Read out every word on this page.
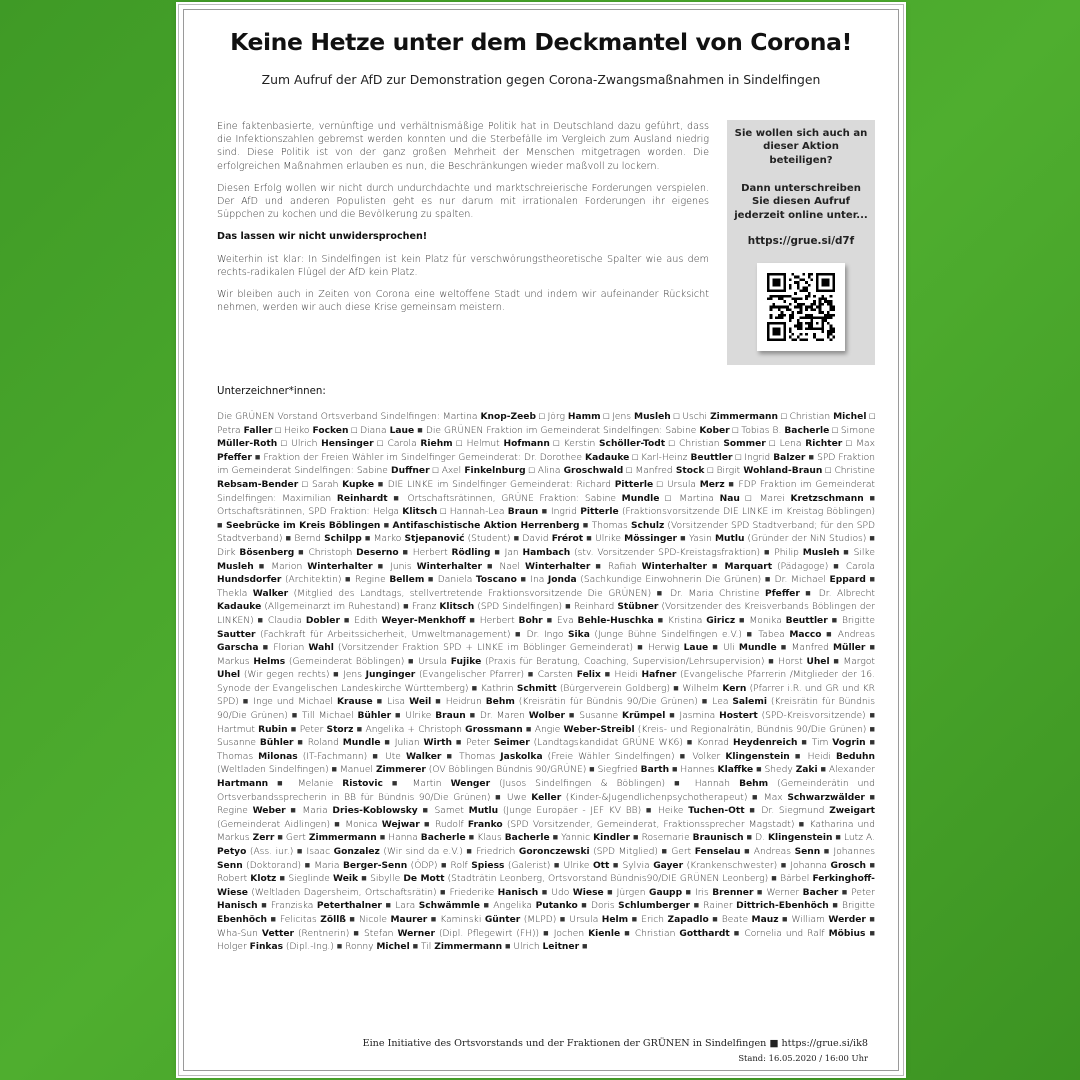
Keine Hetze unter dem Deckmantel von Corona!
Zum Aufruf der AfD zur Demonstration gegen Corona-Zwangsmaßnahmen in Sindelfingen

Eine faktenbasierte, vernünftige und verhältnismäßige Politik hat in Deutschland dazu geführt, dass die Infektionszahlen gebremst werden konnten und die Sterbefälle im Vergleich zum Ausland niedrig sind. Diese Politik ist von der ganz großen Mehrheit der Menschen mitgetragen worden. Die erfolgreichen Maßnahmen erlauben es nun, die Beschränkungen wieder maßvoll zu lockern.

Diesen Erfolg wollen wir nicht durch undurchdachte und marktschreierische Forderungen verspielen. Der AfD und anderen Populisten geht es nur darum mit irrationalen Forderungen ihr eigenes Süppchen zu kochen und die Bevölkerung zu spalten.

Das lassen wir nicht unwidersprochen!

Weiterhin ist klar: In Sindelfingen ist kein Platz für verschwörungstheoretische Spalter wie aus dem rechts-radikalen Flügel der AfD kein Platz.

Wir bleiben auch in Zeiten von Corona eine weltoffene Stadt und indem wir aufeinander Rücksicht nehmen, werden wir auch diese Krise gemeinsam meistern.

Sie wollen sich auch an dieser Aktion beteiligen?
Dann unterschreiben Sie diesen Aufruf jederzeit online unter...
https://grue.si/d7f
Unterzeichner*innen:
Die GRÜNEN Vorstand Ortsverband Sindelfingen: Martina Knop-Zeeb □ Jörg Hamm □ Jens Musleh □ Uschi Zimmermann □ Christian Michel □ Petra Faller □ Heiko Focken □ Diana Laue ■ Die GRÜNEN Fraktion im Gemeinderat Sindelfingen: Sabine Kober □ Tobias B. Bacherle □ Simone Müller-Roth □ Ulrich Hensinger □ Carola Riehm □ Helmut Hofmann □ Kerstin Schöller-Todt □ Christian Sommer □ Lena Richter □ Max Pfeffer ■ Fraktion der Freien Wähler im Sindelfinger Gemeinderat: Dr. Dorothee Kadauke □ Karl-Heinz Beuttler □ Ingrid Balzer ■ SPD Fraktion im Gemeinderat Sindelfingen: Sabine Duffner □ Axel Finkelnburg □ Alina Groschwald □ Manfred Stock □ Birgit Wohland-Braun □ Christine Rebsam-Bender □ Sarah Kupke ■ DIE LINKE im Sindelfinger Gemeinderat: Richard Pitterle □ Ursula Merz ■ FDP Fraktion im Gemeinderat Sindelfingen: Maximilian Reinhardt ■ Ortschaftsrätinnen, GRÜNE Fraktion: Sabine Mundle □ Martina Nau □ Marei Kretzschmann ■ Ortschaftsrätinnen, SPD Fraktion: Helga Klitsch □ Hannah-Lea Braun ■ Ingrid Pitterle (Fraktionsvorsitzende DIE LINKE im Kreistag Böblingen) ■ Seebrücke im Kreis Böblingen ■ Antifaschistische Aktion Herrenberg ■ Thomas Schulz (Vorsitzender SPD Stadtverband; für den SPD Stadtverband) ■ Bernd Schilpp ■ Marko Stjepanović (Student) ■ David Frérot ■ Ulrike Mössinger ■ Yasin Mutlu (Gründer der NiN Studios) ■ Dirk Bösenberg ■ Christoph Deserno ■ Herbert Rödling ■ Jan Hambach (stv. Vorsitzender SPD-Kreistagsfraktion) ■ Philip Musleh ■ Silke Musleh ■ Marion Winterhalter ■ Junis Winterhalter ■ Nael Winterhalter ■ Rafiah Winterhalter ■ Marquart (Pädagoge) ■ Carola Hundsdorfer (Architektin) ■ Regine Bellem ■ Daniela Toscano ■ Ina Jonda (Sachkundige Einwohnerin Die Grünen) ■ Dr. Michael Eppard ■ Thekla Walker (Mitglied des Landtags, stellvertretende Fraktionsvorsitzende Die GRÜNEN) ■ Dr. Maria Christine Pfeffer ■ Dr. Albrecht Kadauke (Allgemeinarzt im Ruhestand) ■ Franz Klitsch (SPD Sindelfingen) ■ Reinhard Stübner (Vorsitzender des Kreisverbands Böblingen der LINKEN) ■ Claudia Dobler ■ Edith Weyer-Menkhoff ■ Herbert Bohr ■ Eva Behle-Huschka ■ Kristina Giricz ■ Monika Beuttler ■ Brigitte Sautter (Fachkraft für Arbeitssicherheit, Umweltmanagement) ■ Dr. Ingo Sika (Junge Bühne Sindelfingen e.V.) ■ Tabea Macco ■ Andreas Garscha ■ Florian Wahl (Vorsitzender Fraktion SPD + LINKE im Böblinger Gemeinderat) ■ Herwig Laue ■ Uli Mundle ■ Manfred Müller ■ Markus Helms (Gemeinderat Böblingen) ■ Ursula Fujike (Praxis für Beratung, Coaching, Supervision/Lehrsupervision) ■ Horst Uhel ■ Margot Uhel (Wir gegen rechts) ■ Jens Junginger (Evangelischer Pfarrer) ■ Carsten Felix ■ Heidi Hafner (Evangelische Pfarrerin /Mitglieder der 16. Synode der Evangelischen Landeskirche Württemberg) ■ Kathrin Schmitt (Bürgerverein Goldberg) ■ Wilhelm Kern (Pfarrer i.R. und GR und KR SPD) ■ Inge und Michael Krause ■ Lisa Weil ■ Heidrun Behm (Kreisrätin für Bündnis 90/Die Grünen) ■ Lea Salemi (Kreisrätin für Bündnis 90/Die Grünen) ■ Till Michael Bühler ■ Ulrike Braun ■ Dr. Maren Wolber ■ Susanne Krümpel ■ Jasmina Hostert (SPD-Kreisvorsitzende) ■ Hartmut Rubin ■ Peter Storz ■ Angelika + Christoph Grossmann ■ Angie Weber-Streibl (Kreis- und Regionalrätin, Bündnis 90/Die Grünen) ■ Susanne Bühler ■ Roland Mundle ■ Julian Wirth ■ Peter Seimer (Landtagskandidat GRÜNE WK6) ■ Konrad Heydenreich ■ Tim Vogrin ■ Thomas Milonas (IT-Fachmann) ■ Ute Walker ■ Thomas Jaskolka (Freie Wähler Sindelfingen) ■ Volker Klingenstein ■ Heidi Beduhn (Weltladen Sindelfingen) ■ Manuel Zimmerer (OV Böblingen Bündnis 90/GRÜNE) ■ Siegfried Barth ■ Hannes Klaffke ■ Shedy Zaki ■ Alexander Hartmann ■ Melanie Ristovic ■ Martin Wenger (Jusos Sindelfingen & Böblingen) ■ Hannah Behm (Gemeinderätin und Ortsverbandssprecherin in BB für Bündnis 90/Die Grünen) ■ Uwe Keller (Kinder-&Jugendlichenpsychotherapeut) ■ Max Schwarzwälder ■ Regine Weber ■ Maria Dries-Koblowsky ■ Samet Mutlu (Junge Europäer - JEF KV BB) ■ Heike Tuchen-Ott ■ Dr. Siegmund Zweigart (Gemeinderat Aidlingen) ■ Monica Wejwar ■ Rudolf Franko (SPD Vorsitzender, Gemeinderat, Fraktionssprecher Magstadt) ■ Katharina und Markus Zerr ■ Gert Zimmermann ■ Hanna Bacherle ■ Klaus Bacherle ■ Yannic Kindler ■ Rosemarie Braunisch ■ D. Klingenstein ■ Lutz A. Petyo (Ass. iur.) ■ Isaac Gonzalez (Wir sind da e.V.) ■ Friedrich Goronczewski (SPD Mitglied) ■ Gert Fenselau ■ Andreas Senn ■ Johannes Senn (Doktorand) ■ Maria Berger-Senn (ÖDP) ■ Rolf Spiess (Galerist) ■ Ulrike Ott ■ Sylvia Gayer (Krankenschwester) ■ Johanna Grosch ■ Robert Klotz ■ Sieglinde Weik ■ Sibylle De Mott (Stadträtin Leonberg, Ortsvorstand Bündnis90/DIE GRÜNEN Leonberg) ■ Bärbel Ferkinghoff-Wiese (Weltladen Dagersheim, Ortschaftsrätin) ■ Friederike Hanisch ■ Udo Wiese ■ Jürgen Gaupp ■ Iris Brenner ■ Werner Bacher ■ Peter Hanisch ■ Franziska Peterthalner ■ Lara Schwämmle ■ Angelika Putanko ■ Doris Schlumberger ■ Rainer Dittrich-Ebenhöch ■ Brigitte Ebenhöch ■ Felicitas Zöllß ■ Nicole Maurer ■ Kaminski Günter (MLPD) ■ Ursula Helm ■ Erich Zapadlo ■ Beate Mauz ■ William Werder ■ Wha-Sun Vetter (Rentnerin) ■ Stefan Werner (Dipl. Pflegewirt (FH)) ■ Jochen Kienle ■ Christian Gotthardt ■ Cornelia und Ralf Möbius ■ Holger Finkas (Dipl.-Ing.) ■ Ronny Michel ■ Til Zimmermann ■ Ulrich Leitner ■
Eine Initiative des Ortsvorstands und der Fraktionen der GRÜNEN in Sindelfingen ■ https://grue.si/ik8
Stand: 16.05.2020 / 16:00 Uhr
